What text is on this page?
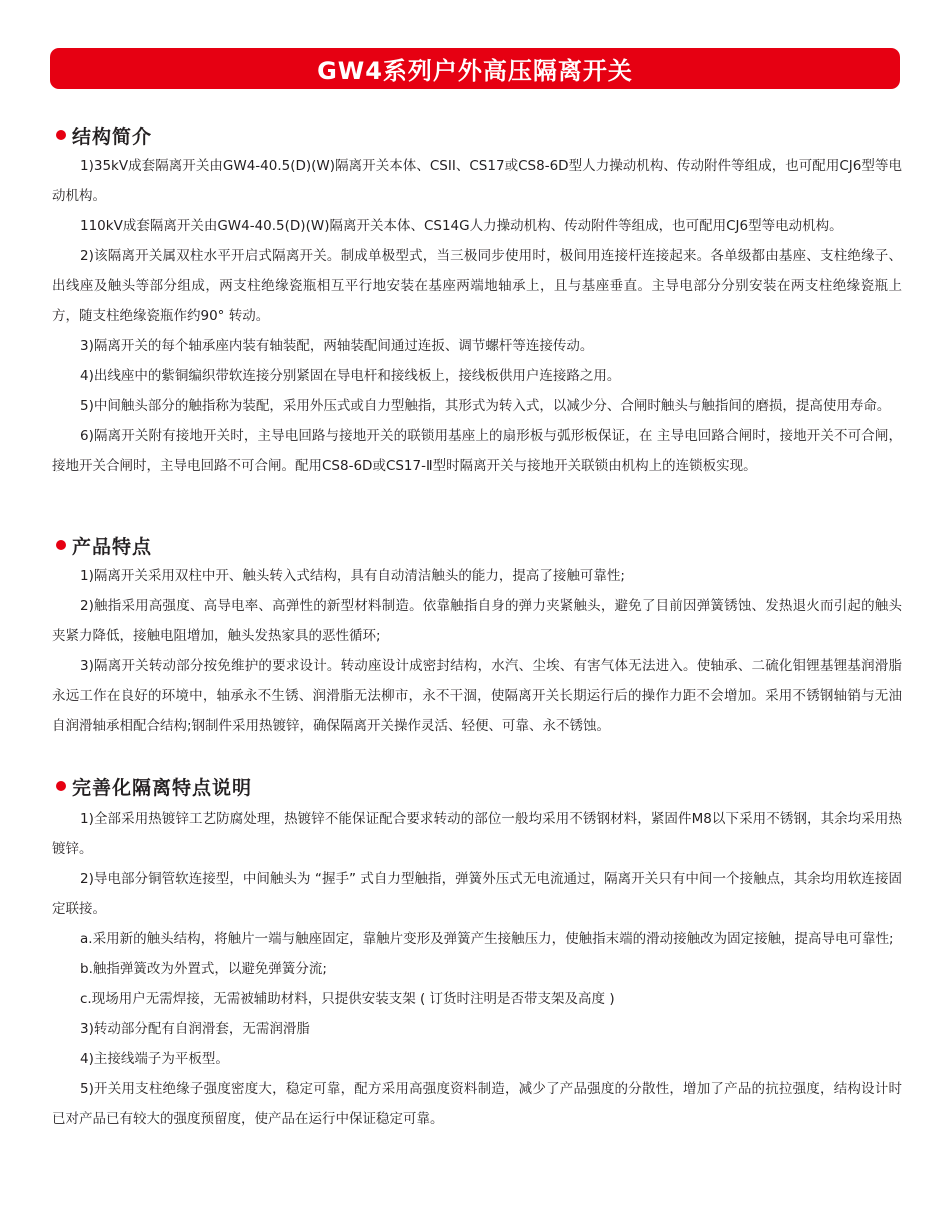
GW4系列户外高压隔离开关
结构简介

1)35kV成套隔离开关由GW4-40.5(D)(W)隔离开关本体、CSII、CS17或CS8-6D型人力操动机构、传动附件等组成，也可配用CJ6型等电动机构。

110kV成套隔离开关由GW4-40.5(D)(W)隔离开关本体、CS14G人力操动机构、传动附件等组成，也可配用CJ6型等电动机构。

2)该隔离开关属双柱水平开启式隔离开关。制成单极型式，当三极同步使用时，极间用连接杆连接起来。各单级都由基座、支柱绝缘子、出线座及触头等部分组成，两支柱绝缘瓷瓶相互平行地安装在基座两端地轴承上，且与基座垂直。主导电部分分别安装在两支柱绝缘瓷瓶上方，随支柱绝缘瓷瓶作约90° 转动。

3)隔离开关的每个轴承座内装有轴装配，两轴装配间通过连扳、调节螺杆等连接传动。

4)出线座中的紫铜编织带软连接分别紧固在导电杆和接线板上，接线板供用户连接路之用。

5)中间触头部分的触指称为装配，采用外压式或自力型触指，其形式为转入式，以减少分、合闸时触头与触指间的磨损，提高使用寿命。

6)隔离开关附有接地开关时，主导电回路与接地开关的联锁用基座上的扇形板与弧形板保证，在 主导电回路合闸时，接地开关不可合闸，接地开关合闸时，主导电回路不可合闸。配用CS8-6D或CS17-Ⅱ型时隔离开关与接地开关联锁由机构上的连锁板实现。

产品特点

1)隔离开关采用双柱中开、触头转入式结构，具有自动清洁触头的能力，提高了接触可靠性;

2)触指采用高强度、高导电率、高弹性的新型材料制造。依靠触指自身的弹力夹紧触头，避免了目前因弹簧锈蚀、发热退火而引起的触头夹紧力降低，接触电阻增加，触头发热家具的恶性循环;

3)隔离开关转动部分按免维护的要求设计。转动座设计成密封结构，水汽、尘埃、有害气体无法进入。使轴承、二硫化钼锂基锂基润滑脂永远工作在良好的环境中，轴承永不生锈、润滑脂无法柳市，永不干涸，使隔离开关长期运行后的操作力距不会增加。采用不锈钢轴销与无油自润滑轴承相配合结构;钢制件采用热镀锌，确保隔离开关操作灵活、轻便、可靠、永不锈蚀。

完善化隔离特点说明

1)全部采用热镀锌工艺防腐处理，热镀锌不能保证配合要求转动的部位一般均采用不锈钢材料，紧固件M8以下采用不锈钢，其余均采用热镀锌。

2)导电部分铜管软连接型，中间触头为 “握手” 式自力型触指，弹簧外压式无电流通过，隔离开关只有中间一个接触点，其余均用软连接固定联接。

a.采用新的触头结构，将触片一端与触座固定，靠触片变形及弹簧产生接触压力，使触指末端的滑动接触改为固定接触，提高导电可靠性;

b.触指弹簧改为外置式，以避免弹簧分流;

c.现场用户无需焊接，无需被辅助材料，只提供安装支架 ( 订货时注明是否带支架及高度 )

3)转动部分配有自润滑套，无需润滑脂

4)主接线端子为平板型。

5)开关用支柱绝缘子强度密度大，稳定可靠，配方采用高强度资料制造，减少了产品强度的分散性，增加了产品的抗拉强度，结构设计时已对产品已有较大的强度预留度，使产品在运行中保证稳定可靠。
